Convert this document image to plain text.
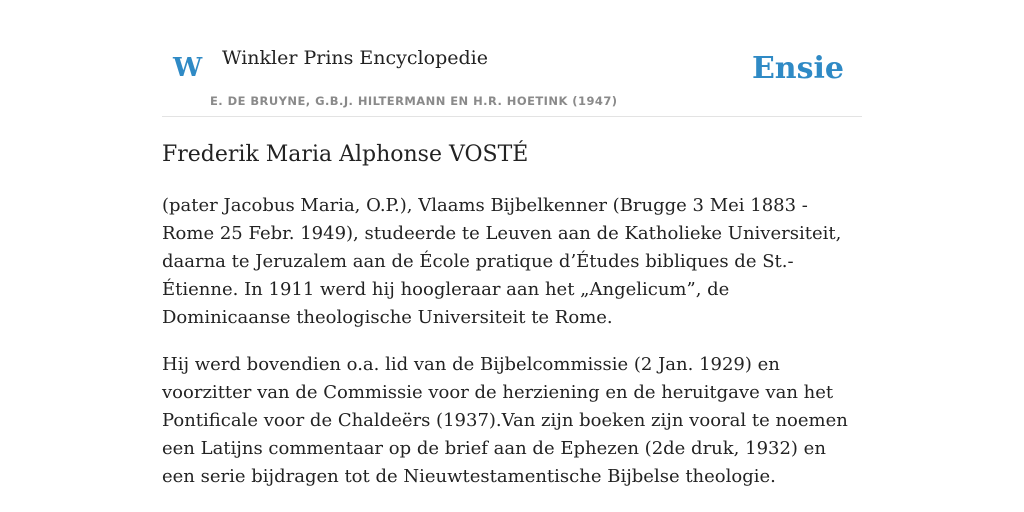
W Winkler Prins Encyclopedie
E. DE BRUYNE, G.B.J. HILTERMANN EN H.R. HOETINK (1947)
Ensie
Frederik Maria Alphonse VOSTÉ

(pater Jacobus Maria, O.P.), Vlaams Bijbelkenner (Brugge 3 Mei 1883 - Rome 25 Febr. 1949), studeerde te Leuven aan de Katholieke Universiteit, daarna te Jeruzalem aan de École pratique d’Études bibliques de St.-Étienne. In 1911 werd hij hoogleraar aan het „Angelicum”, de Dominicaanse theologische Universiteit te Rome.

Hij werd bovendien o.a. lid van de Bijbelcommissie (2 Jan. 1929) en voorzitter van de Commissie voor de herziening en de heruitgave van het Pontificale voor de Chaldeërs (1937).Van zijn boeken zijn vooral te noemen een Latijns commentaar op de brief aan de Ephezen (2de druk, 1932) en een serie bijdragen tot de Nieuwtestamentische Bijbelse theologie.
